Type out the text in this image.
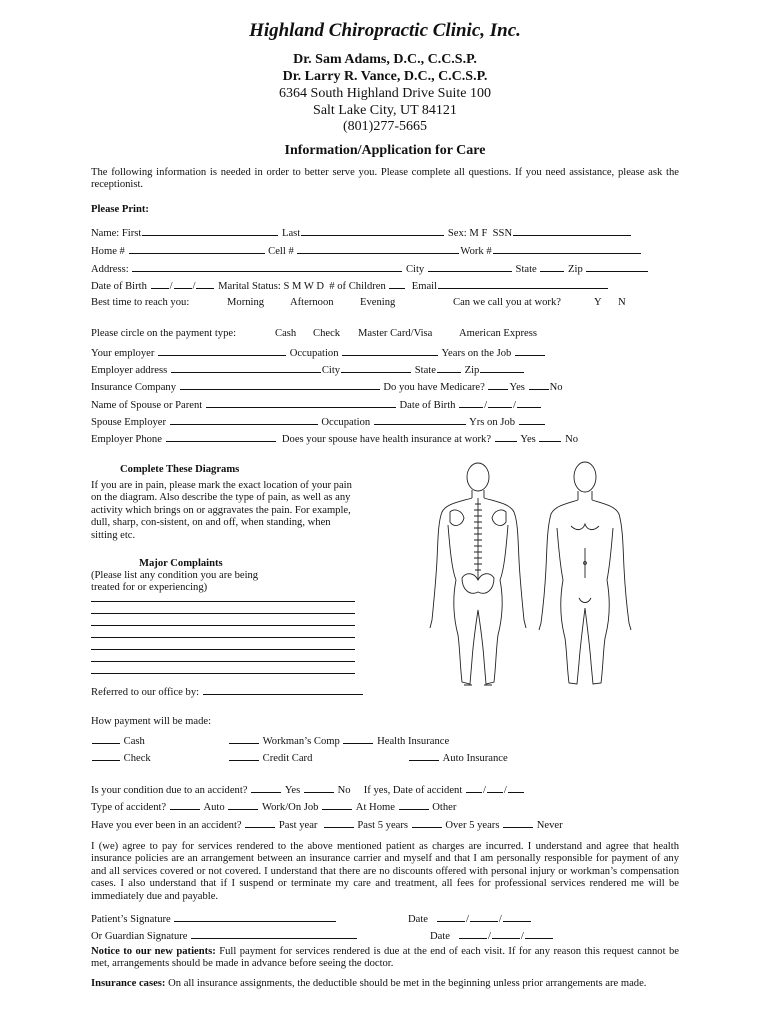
Highland Chiropractic Clinic, Inc.
Dr. Sam Adams, D.C., C.C.S.P.
Dr. Larry R. Vance, D.C., C.C.S.P.
6364 South Highland Drive Suite 100
Salt Lake City, UT 84121
(801)277-5665
Information/Application for Care
The following information is needed in order to better serve you. Please complete all questions. If you need assistance, please ask the receptionist.
Please Print:
Name: First	Last	Sex: M F SSN
Home #	Cell #	Work #
Address:	City	State	Zip
Date of Birth / / Marital Status: S M W D # of Children Email
Best time to reach you:	Morning Afternoon Evening	Can we call you at work?	Y N
Please circle on the payment type:	Cash Check Master Card/Visa	American Express
Your employer	Occupation	Years on the Job
Employer address	City	State	Zip
Insurance Company	Do you have Medicare? Yes No
Name of Spouse or Parent	Date of Birth	/ /
Spouse Employer	Occupation	Yrs on Job
Employer Phone	Does your spouse have health insurance at work?	Yes	No
Complete These Diagrams
If you are in pain, please mark the exact location of your pain on the diagram. Also describe the type of pain, as well as any activity which brings on or aggravates the pain. For example, dull, sharp, con-sistent, on and off, when standing, when sitting etc.
Major Complaints
(Please list any condition you are being
treated for or experiencing)
Referred to our office by:
How payment will be made:
Cash	Workman’s Comp	Health Insurance
Check	Credit Card	Auto Insurance
Is your condition due to an accident?	Yes	No If yes, Date of accident / /
Type of accident?	Auto	Work/On Job	At Home	Other
Have you ever been in an accident?	Past year	Past 5 years	Over 5 years	Never
I (we) agree to pay for services rendered to the above mentioned patient as charges are incurred. I understand and agree that health insurance policies are an arrangement between an insurance carrier and myself and that I am personally responsible for payment of any and all services covered or not covered. I understand that there are no discounts offered with personal injury or workman’s compensation cases. I also understand that if I suspend or terminate my care and treatment, all fees for professional services rendered me will be immediately due and payable.
Patient’s Signature	Date	/	/
Or Guardian Signature	Date	/	/
Notice to our new patients: Full payment for services rendered is due at the end of each visit. If for any reason this request cannot be met, arrangements should be made in advance before seeing the doctor.
Insurance cases: On all insurance assignments, the deductible should be met in the beginning unless prior arrangements are made.
